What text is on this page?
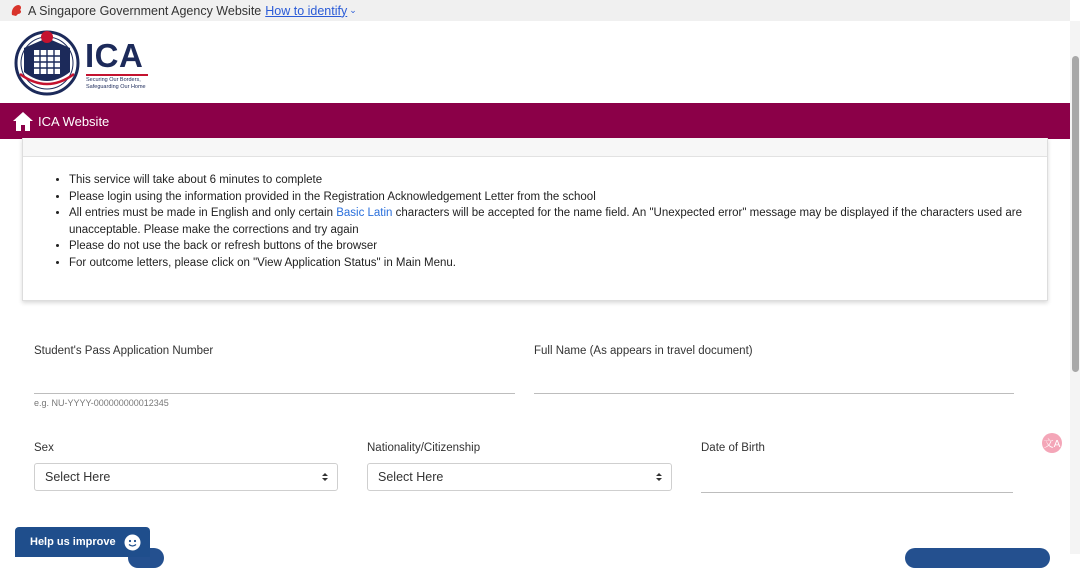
A Singapore Government Agency Website How to identify ⌄
ICA
Securing Our Borders,
Safeguarding Our Home
ICA Website
• This service will take about 6 minutes to complete
• Please login using the information provided in the Registration Acknowledgement Letter from the school
• All entries must be made in English and only certain Basic Latin characters will be accepted for the name field. An "Unexpected error" message may be displayed if the characters used are unacceptable. Please make the corrections and try again
• Please do not use the back or refresh buttons of the browser
• For outcome letters, please click on "View Application Status" in Main Menu.
Student's Pass Application Number
e.g. NU-YYYY-000000000012345
Full Name (As appears in travel document)
Sex
Select Here
Nationality/Citizenship
Select Here
Date of Birth	文A
Help us improve
